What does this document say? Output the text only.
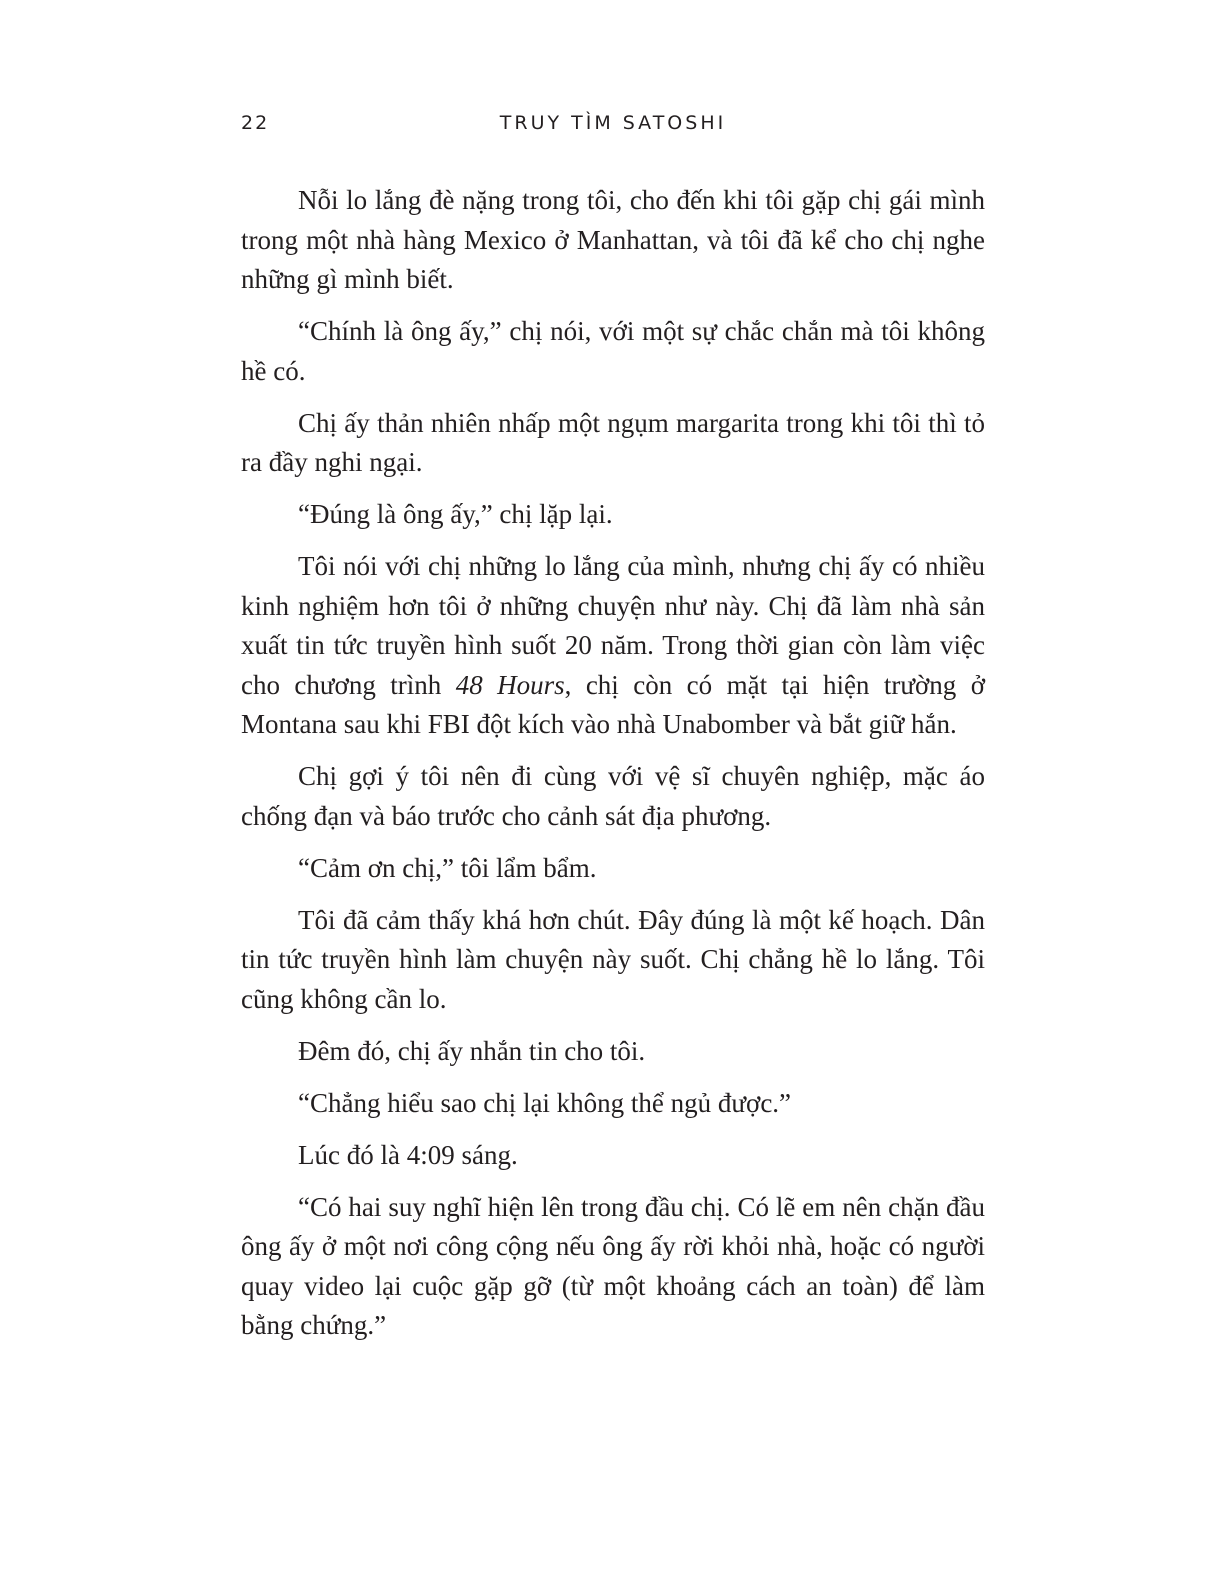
22	TRUY TÌM SATOSHI

Nỗi lo lắng đè nặng trong tôi, cho đến khi tôi gặp chị gái mình trong một nhà hàng Mexico ở Manhattan, và tôi đã kể cho chị nghe những gì mình biết.

“Chính là ông ấy,” chị nói, với một sự chắc chắn mà tôi không hề có.

Chị ấy thản nhiên nhấp một ngụm margarita trong khi tôi thì tỏ ra đầy nghi ngại.

“Đúng là ông ấy,” chị lặp lại.

Tôi nói với chị những lo lắng của mình, nhưng chị ấy có nhiều kinh nghiệm hơn tôi ở những chuyện như này. Chị đã làm nhà sản xuất tin tức truyền hình suốt 20 năm. Trong thời gian còn làm việc cho chương trình 48 Hours, chị còn có mặt tại hiện trường ở Montana sau khi FBI đột kích vào nhà Unabomber và bắt giữ hắn.

Chị gợi ý tôi nên đi cùng với vệ sĩ chuyên nghiệp, mặc áo chống đạn và báo trước cho cảnh sát địa phương.

“Cảm ơn chị,” tôi lẩm bẩm.

Tôi đã cảm thấy khá hơn chút. Đây đúng là một kế hoạch. Dân tin tức truyền hình làm chuyện này suốt. Chị chẳng hề lo lắng. Tôi cũng không cần lo.

Đêm đó, chị ấy nhắn tin cho tôi.

“Chẳng hiểu sao chị lại không thể ngủ được.”

Lúc đó là 4:09 sáng.

“Có hai suy nghĩ hiện lên trong đầu chị. Có lẽ em nên chặn đầu ông ấy ở một nơi công cộng nếu ông ấy rời khỏi nhà, hoặc có người quay video lại cuộc gặp gỡ (từ một khoảng cách an toàn) để làm bằng chứng.”
